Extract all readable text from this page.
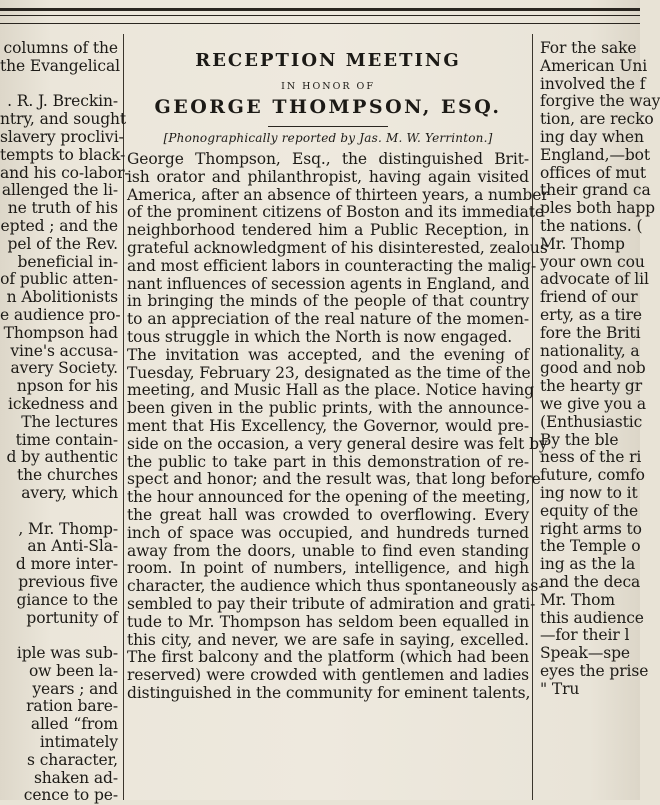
columns of the
the Evangelical

. R. J. Breckin-
ntry, and sought
slavery proclivi-
tempts to black-
and his co-labor-
allenged the li-
ne truth of his
epted ; and the
pel of the Rev.
beneficial in-
of public atten-
n Abolitionists
e audience pro-
Thompson had
vine's accusa-
avery Society.
npson for his
ickedness and
The lectures
time contain-
d by authentic
the churches
avery, which

, Mr. Thomp-
an Anti-Sla-
d more inter-
previous five
giance to the
portunity of

iple was sub-
ow been la-
years ; and
ration bare-
alled “from
intimately
s character,
shaken ad-
cence to pe-
RECEPTION MEETING
IN HONOR OF
GEORGE THOMPSON, ESQ.
[Phonographically reported by Jas. M. W. Yerrinton.]
George Thompson, Esq., the distinguished Brit-
ish orator and philanthropist, having again visited
America, after an absence of thirteen years, a number
of the prominent citizens of Boston and its immediate
neighborhood tendered him a Public Reception, in
grateful acknowledgment of his disinterested, zealous
and most efficient labors in counteracting the malig-
nant influences of secession agents in England, and
in bringing the minds of the people of that country
to an appreciation of the real nature of the momen-
tous struggle in which the North is now engaged.
The invitation was accepted, and the evening of
Tuesday, February 23, designated as the time of the
meeting, and Music Hall as the place. Notice having
been given in the public prints, with the announce-
ment that His Excellency, the Governor, would pre-
side on the occasion, a very general desire was felt by
the public to take part in this demonstration of re-
spect and honor; and the result was, that long before
the hour announced for the opening of the meeting,
the great hall was crowded to overflowing. Every
inch of space was occupied, and hundreds turned
away from the doors, unable to find even standing
room. In point of numbers, intelligence, and high
character, the audience which thus spontaneously as-
sembled to pay their tribute of admiration and grati-
tude to Mr. Thompson has seldom been equalled in
this city, and never, we are safe in saying, excelled.
The first balcony and the platform (which had been
reserved) were crowded with gentlemen and ladies
distinguished in the community for eminent talents,
For the sake
American Uni
involved the f
forgive the way
tion, are recko
ing day when
England,—bot
offices of mut
their grand ca
ples both happ
the nations. (
Mr. Thomp
your own cou
advocate of lil
friend of our
erty, as a tire
fore the Briti
nationality, a
good and nob
the hearty gr
we give you a
(Enthusiastic
By the ble
ness of the ri
future, comfo
ing now to it
equity of the
right arms to
the Temple o
ing as the la
and the deca
Mr. Thom
this audience
—for their l
Speak—spe
eyes the prise
" Tru
